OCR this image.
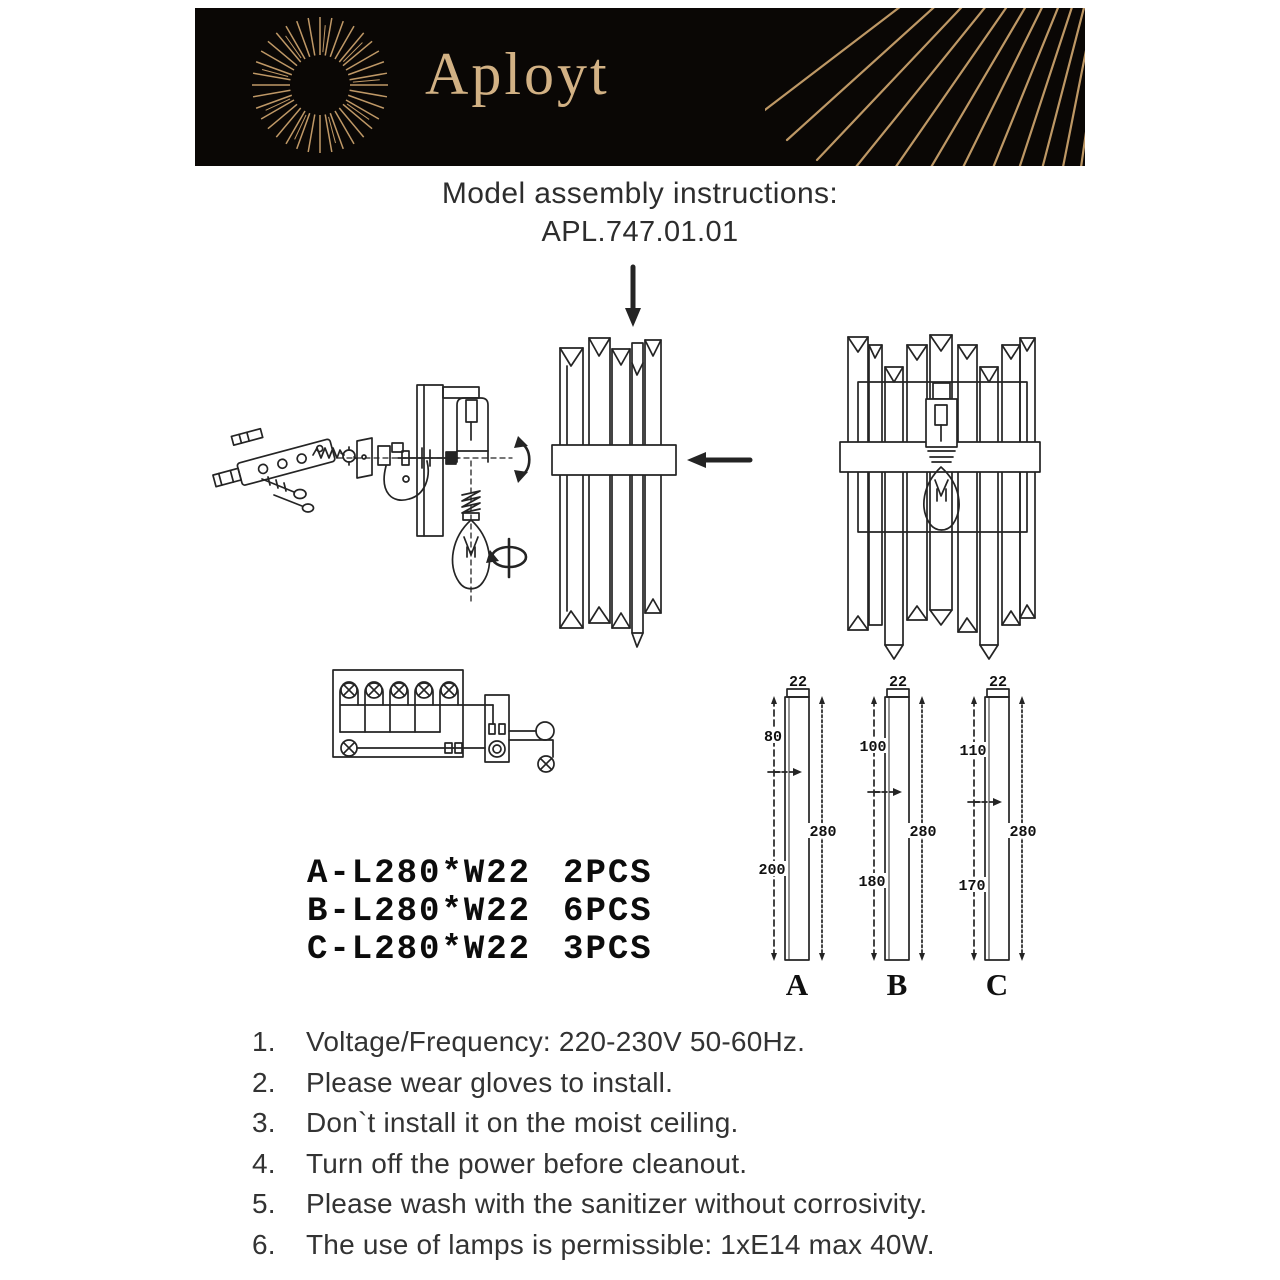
Aployt
Model assembly instructions:
APL.747.01.01
A-L280*W22 2PCS
B-L280*W22 6PCS
C-L280*W22 3PCS
22
80
200
280
A
22
100
180
280
B
22
110
170
280
C
1.	Voltage/Frequency: 220-230V 50-60Hz.
2.	Please wear gloves to install.
3.	Don`t install it on the moist ceiling.
4.	Turn off the power before cleanout.
5.	Please wash with the sanitizer without corrosivity.
6.	The use of lamps is permissible: 1xE14 max 40W.
